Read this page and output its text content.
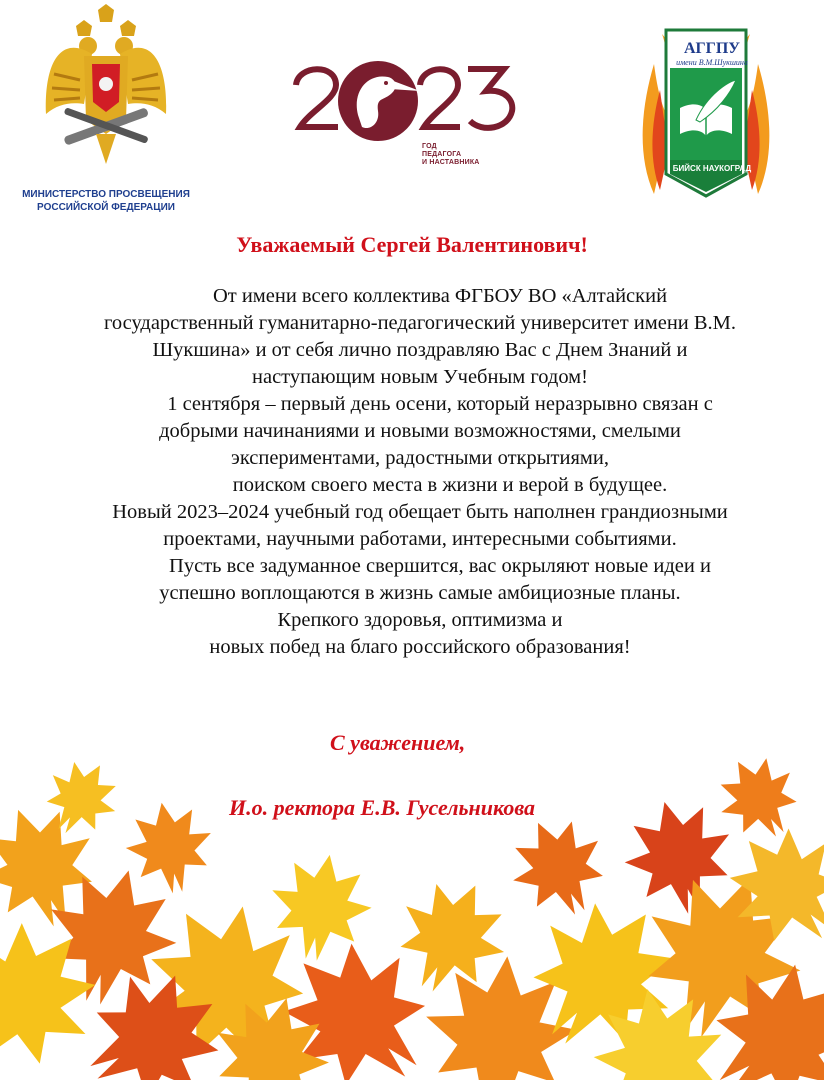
МИНИСТЕРСТВО ПРОСВЕЩЕНИЯ
РОССИЙСКОЙ ФЕДЕРАЦИИ
ГОД
ПЕДАГОГА
И НАСТАВНИКА
АГГПУ
имени В.М.Шукшина
БИЙСК НАУКОГРАД
Уважаемый Сергей Валентинович!
От имени всего коллектива ФГБОУ ВО «Алтайский
государственный гуманитарно-педагогический университет имени В.М.
Шукшина» и от себя лично поздравляю Вас с Днем Знаний и
наступающим новым Учебным годом!
1 сентября – первый день осени, который неразрывно связан с
добрыми начинаниями и новыми возможностями, смелыми
экспериментами, радостными открытиями,
поиском своего места в жизни и верой в будущее.
Новый 2023–2024 учебный год обещает быть наполнен грандиозными
проектами, научными работами, интересными событиями.
Пусть все задуманное свершится, вас окрыляют новые идеи и
успешно воплощаются в жизнь самые амбициозные планы.
Крепкого здоровья, оптимизма и
новых побед на благо российского образования!
С уважением,
И.о. ректора Е.В. Гусельникова
